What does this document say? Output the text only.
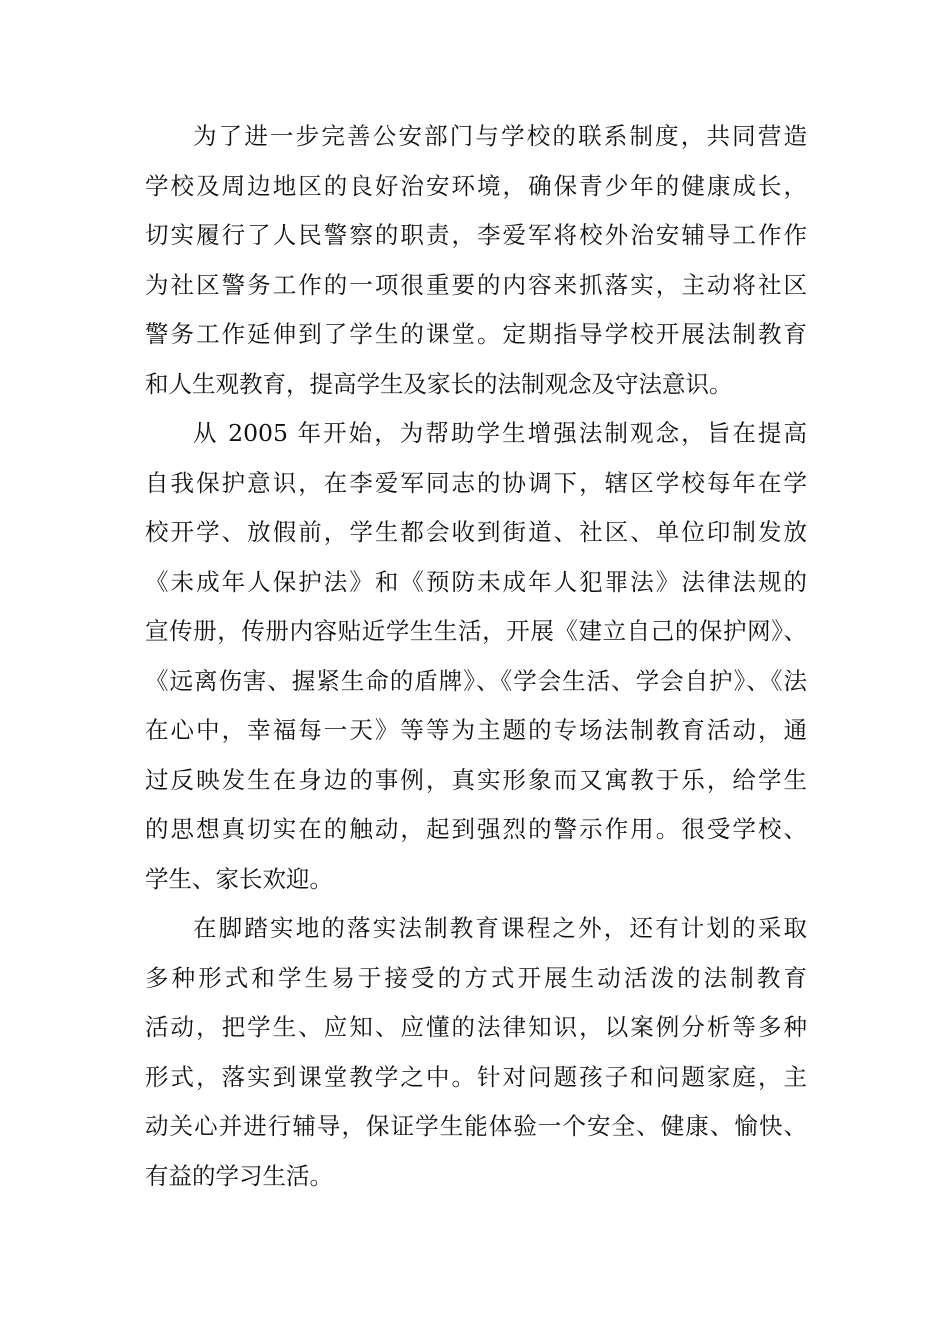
为了进一步完善公安部门与学校的联系制度，共同营造
学校及周边地区的良好治安环境，确保青少年的健康成长，
切实履行了人民警察的职责，李爱军将校外治安辅导工作作
为社区警务工作的一项很重要的内容来抓落实，主动将社区
警务工作延伸到了学生的课堂。定期指导学校开展法制教育
和人生观教育，提高学生及家长的法制观念及守法意识。
从 2005 年开始，为帮助学生增强法制观念，旨在提高
自我保护意识，在李爱军同志的协调下，辖区学校每年在学
校开学、放假前，学生都会收到街道、社区、单位印制发放
《未成年人保护法》和《预防未成年人犯罪法》法律法规的
宣传册，传册内容贴近学生生活，开展《建立自己的保护网》、
《远离伤害、握紧生命的盾牌》、《学会生活、学会自护》、《法
在心中，幸福每一天》等等为主题的专场法制教育活动，通
过反映发生在身边的事例，真实形象而又寓教于乐，给学生
的思想真切实在的触动，起到强烈的警示作用。很受学校、
学生、家长欢迎。
在脚踏实地的落实法制教育课程之外，还有计划的采取
多种形式和学生易于接受的方式开展生动活泼的法制教育
活动，把学生、应知、应懂的法律知识，以案例分析等多种
形式，落实到课堂教学之中。针对问题孩子和问题家庭，主
动关心并进行辅导，保证学生能体验一个安全、健康、愉快、
有益的学习生活。
